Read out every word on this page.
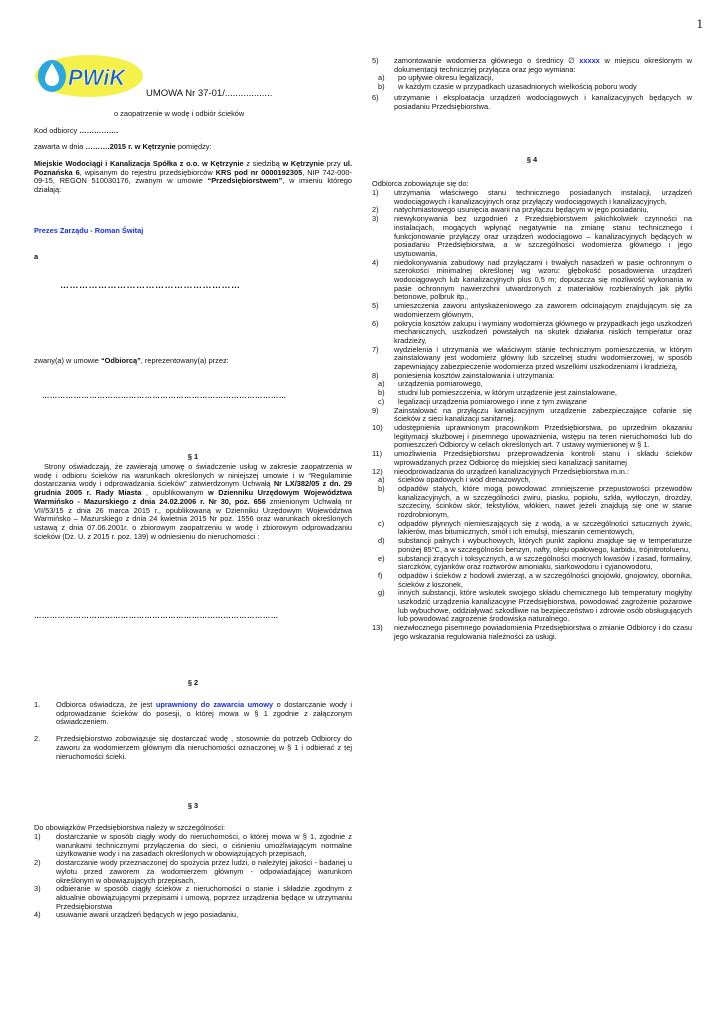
1
PWiK

UMOWA Nr 37-01/..................

o zaopatrzenie w wodę i odbiór ścieków

Kod odbiorcy …………….

zawarta w dnia ……….2015 r. w Kętrzynie pomiędzy:

Miejskie Wodociągi i Kanalizacja Spółka z o.o. w Kętrzynie z siedzibą w Kętrzynie przy ul. Poznańska 6, wpisanym do rejestru przedsiębiorców KRS pod nr 0000192305, NIP 742-000-09-15, REGON 510030176, zwanym w umowie “Przedsiębiorstwem”, w imieniu którego działają:

Prezes Zarządu - Roman Świtaj

a

…………………………………………………

zwany(a) w umowie “Odbiorcą”, reprezentowany(a) przez:

…………………………………………………………………………………

§ 1

Strony oświadczają, że zawierają umowę o świadczenie usług w zakresie zaopatrzenia w wodę i odbioru ścieków na warunkach określonych w niniejszej umowie i w “Regulaminie dostarczania wody i odprowadzania ścieków” zatwierdzonym Uchwałą Nr LX/382/05 z dn. 29 grudnia 2005 r. Rady Miasta , opublikowanym w Dzienniku Urzędowym Województwa Warmińsko - Mazurskiego z dnia 24.02.2006 r. Nr 30, poz. 656 zmienionym Uchwałą nr VII/53/15 z dnia 26 marca 2015 r., opublikowaną w Dzienniku Urzędowym Województwa Warmińsko – Mazurskiego z dnia 24 kwietnia 2015 Nr poz. 1556 oraz warunkach określonych ustawą z dnia 07.06.2001r. o zbiorowym zaopatrzeniu w wodę i zbiorowym odprowadzaniu ścieków (Dz. U. z 2015 r. poz. 139) w odniesieniu do nieruchomości :

…………………………………………………………………………………

§ 2

1. Odbiorca oświadcza, że jest uprawniony do zawarcia umowy o dostarczanie wody i odprowadzanie ścieków do posesji, o której mowa w § 1 zgodnie z załączonym oświadczeniem.
2. Przedsiębiorstwo zobowiązuje się dostarczać wodę , stosownie do potrzeb Odbiorcy do zaworu za wodomierzem głównym dla nieruchomości oznaczonej w § 1 i odbierać z tej nieruchomości ścieki.

§ 3

Do obowiązków Przedsiębiorstwa należy w szczególności:

1) dostarczanie w sposób ciągły wody do nieruchomości, o której mowa w § 1, zgodnie z warunkami technicznymi przyłączenia do sieci, o ciśnieniu umożliwiającym normalne użytkowanie wody i na zasadach określonych w obowiązujących przepisach,
2) dostarczanie wody przeznaczonej do spożycia przez ludzi, o należytej jakości - badanej u wylotu przed zaworem za wodomierzem głównym - odpowiadającej warunkom określonym w obowiązujących przepisach,
3) odbieranie w sposób ciągły ścieków z nieruchomości o stanie i składzie zgodnym z aktualnie obowiązującymi przepisami i umową, poprzez urządzenia będące w utrzymaniu Przedsiębiorstwa
4) usuwanie awarii urządzeń będących w jego posiadaniu,
5) zamontowanie wodomierza głównego o średnicy ∅ xxxxx w miejscu określonym w dokumentacji technicznej przyłącza oraz jego wymiana:
a) po upływie okresu legalizacji,
b) w każdym czasie w przypadkach uzasadnionych wielkością poboru wody
6) utrzymanie i eksploatacja urządzeń wodociągowych i kanalizacyjnych będących w posiadaniu Przedsiębiorstwa.

§ 4

Odbiorca zobowiązuje się do:

1) utrzymania właściwego stanu technicznego posiadanych instalacji, urządzeń wodociągowych i kanalizacyjnych oraz przyłączy wodociągowych i kanalizacyjnych,
2) natychmiastowego usunięcia awarii na przyłączu będącym w jego posiadaniu,
3) niewykonywania bez uzgodnień z Przedsiębiorstwem jakichkolwiek czynności na instalacjach, mogących wpłynąć negatywnie na zmianę stanu technicznego i funkcjonowanie przyłączy oraz urządzeń wodociągowo – kanalizacyjnych będących w posiadaniu Przedsiębiorstwa, a w szczególności wodomierza głównego i jego usytuowania,
4) niedokonywania zabudowy nad przyłączami i trwałych nasadzeń w pasie ochronnym o szerokości minimalnej określonej wg wzoru: głębokość posadowienia urządzeń wodociągowych lub kanalizacyjnych plus 0,5 m; dopuszcza się możliwość wykonania w pasie ochronnym nawierzchni utwardzonych z materiałów rozbieralnych jak płytki betonowe, polbruk itp.,
5) umieszczenia zaworu antyskażeniowego za zaworem odcinającym znajdującym się za wodomierzem głównym,
6) pokrycia kosztów zakupu i wymiany wodomierza głównego w przypadkach jego uszkodzeń mechanicznych, uszkodzeń powstałych na skutek działania niskich temperatur oraz kradzieży,
7) wydzielenia i utrzymania we właściwym stanie technicznym pomieszczenia, w którym zainstalowany jest wodomierz główny lub szczelnej studni wodomierzowej, w sposób zapewniający zabezpieczenie wodomierza przed wszelkimi uszkodzeniami i kradzieżą,
8) poniesienia kosztów zainstalowania i utrzymania:
a) urządzenia pomiarowego,
b) studni lub pomieszczenia, w którym urządzenie jest zainstalowane,
c) legalizacji urządzenia pomiarowego i inne z tym związane
9) Zainstalować na przyłączu kanalizacyjnym urządzenie zabezpieczające cofanie się ścieków z sieci kanalizacji sanitarnej.
10) udostępnienia uprawnionym pracownikom Przedsiębiorstwa, po uprzednim okazaniu legitymacji służbowej i pisemnego upoważnienia, wstępu na teren nieruchomości lub do pomieszczeń Odbiorcy w celach określonych art. 7 ustawy wymienionej w § 1.
11) umożliwienia Przedsiębiorstwu przeprowadzenia kontroli stanu i składu ścieków wprowadzanych przez Odbiorcę do miejskiej sieci kanalizacji sanitarnej
12) nieodprowadzania do urządzeń kanalizacyjnych Przedsiębiorstwa m.in.:
a) ścieków opadowych i wód drenażowych,
b) odpadów stałych, które mogą powodować zmniejszenie przepustowości przewodów kanalizacyjnych, a w szczególności żwiru, piasku, popiołu, szkła, wytłoczyn, drożdży, szczeciny, ścinków skór, tekstyliów, włókien, nawet jeżeli znajdują się one w stanie rozdrobnionym,
c) odpadów płynnych niemieszających się z wodą, a w szczególności sztucznych żywic, lakierów, mas bitumicznych, smół i ich emulsji, mieszanin cementowych,
d) substancji palnych i wybuchowych, których punkt zapłonu znajduje się w temperaturze poniżej 85°C, a w szczególności benzyn, nafty, oleju opałowego, karbidu, trójnitrotoluenu,
e) substancji żrących i toksycznych, a w szczególności mocnych kwasów i zasad, formaliny, siarczków, cyjanków oraz roztworów amoniaku, siarkowodoru i cyjanowodoru,
f) odpadów i ścieków z hodowli zwierząt, a w szczególności gnojówki, gnojowicy, obornika, ścieków z kiszonek,
g) innych substancji, które wskutek swojego składu chemicznego lub temperatury mogłyby uszkodzić urządzenia kanalizacyjne Przedsiębiorstwa, powodować zagrożenie pożarowe lub wybuchowe, oddziaływać szkodliwie na bezpieczeństwo i zdrowie osób obsługujących lub powodować zagrożenie środowiska naturalnego.
13) niezwłocznego pisemnego powiadomienia Przedsiębiorstwa o zmianie Odbiorcy i do czasu jego wskazania regulowania należności za usługi.
